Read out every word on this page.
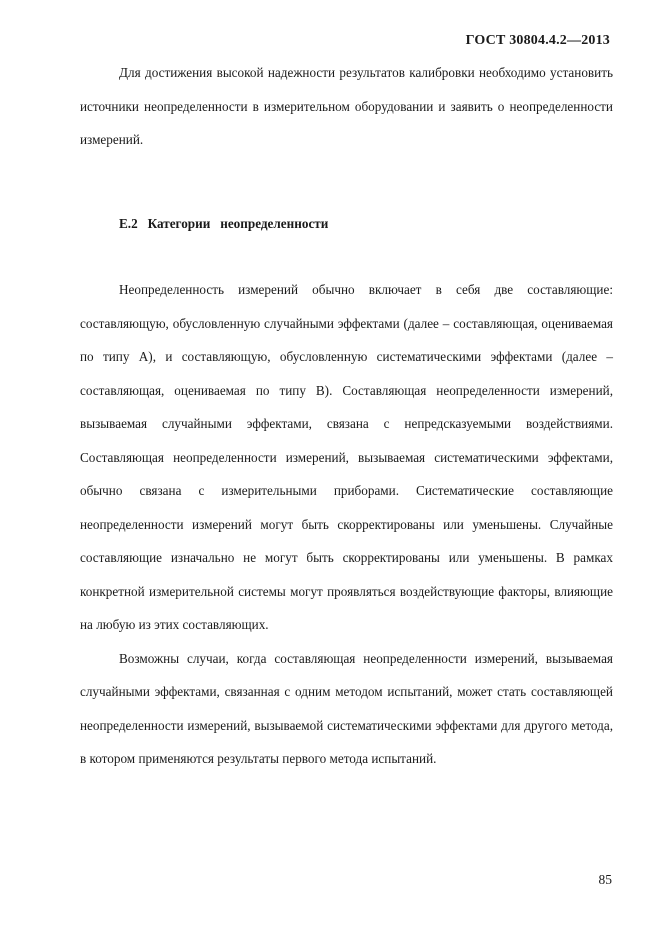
ГОСТ 30804.4.2—2013

Для достижения высокой надежности результатов калибровки необходимо установить источники неопределенности в измерительном оборудовании и заявить о неопределенности измерений.

Е.2   Категории   неопределенности

Неопределенность измерений обычно включает в себя две составляющие: составляющую, обусловленную случайными эффектами (далее – составляющая, оцениваемая по типу А), и составляющую, обусловленную систематическими эффектами (далее – составляющая, оцениваемая по типу В). Составляющая неопределенности измерений, вызываемая случайными эффектами, связана с непредсказуемыми воздействиями. Составляющая неопределенности измерений, вызываемая систематическими эффектами, обычно связана с измерительными приборами. Систематические составляющие неопределенности измерений могут быть скорректированы или уменьшены. Случайные составляющие изначально не могут быть скорректированы или уменьшены. В рамках конкретной измерительной системы могут проявляться воздействующие факторы, влияющие на любую из этих составляющих.

Возможны случаи, когда составляющая неопределенности измерений, вызываемая случайными эффектами, связанная с одним методом испытаний, может стать составляющей неопределенности измерений, вызываемой систематическими эффектами для другого метода, в котором применяются результаты первого метода испытаний.

85
